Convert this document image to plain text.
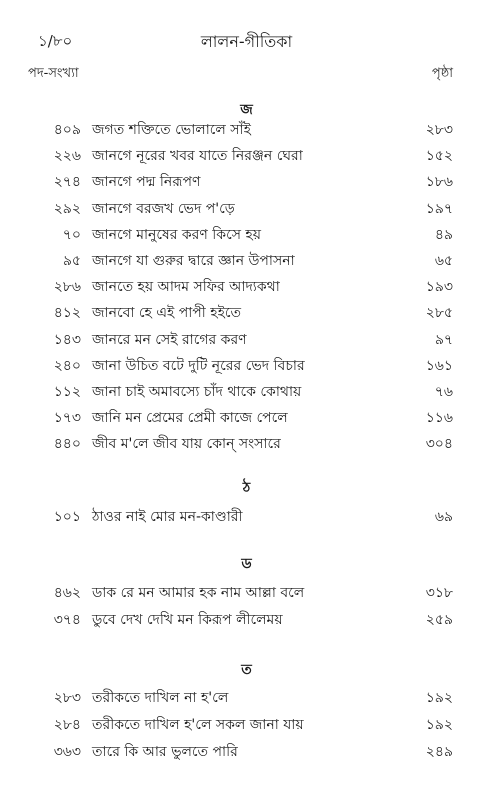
১/৮০	লালন-গীতিকা
পদ-সংখ্যা	পৃষ্ঠা
জ
৪০৯ জগত শক্তিতে ভোলালে সাঁই	২৮৩
২২৬ জানগে নূরের খবর যাতে নিরঞ্জন ঘেরা	১৫২
২৭৪ জানগে পদ্ম নিরূপণ	১৮৬
২৯২ জানগে বরজখ ভেদ প'ড়ে	১৯৭
৭০ জানগে মানুষের করণ কিসে হয়	৪৯
৯৫ জানগে যা গুরুর দ্বারে জ্ঞান উপাসনা	৬৫
২৮৬ জানতে হয় আদম সফির আদ্যকথা	১৯৩
৪১২ জানবো হে এই পাপী হইতে	২৮৫
১৪৩ জানরে মন সেই রাগের করণ	৯৭
২৪০ জানা উচিত বটে দুটি নূরের ভেদ বিচার	১৬১
১১২ জানা চাই অমাবস্যে চাঁদ থাকে কোথায়	৭৬
১৭৩ জানি মন প্রেমের প্রেমী কাজে পেলে	১১৬
৪৪০ জীব ম'লে জীব যায় কোন্ সংসারে	৩০৪
ঠ
১০১ ঠাওর নাই মোর মন-কাণ্ডারী	৬৯
ড
৪৬২ ডাক রে মন আমার হক নাম আল্লা বলে	৩১৮
৩৭৪ ডুবে দেখ দেখি মন কিরূপ লীলেময়	২৫৯
ত
২৮৩ তরীকতে দাখিল না হ'লে	১৯২
২৮৪ তরীকতে দাখিল হ'লে সকল জানা যায়	১৯২
৩৬৩ তারে কি আর ভুলতে পারি	২৪৯
